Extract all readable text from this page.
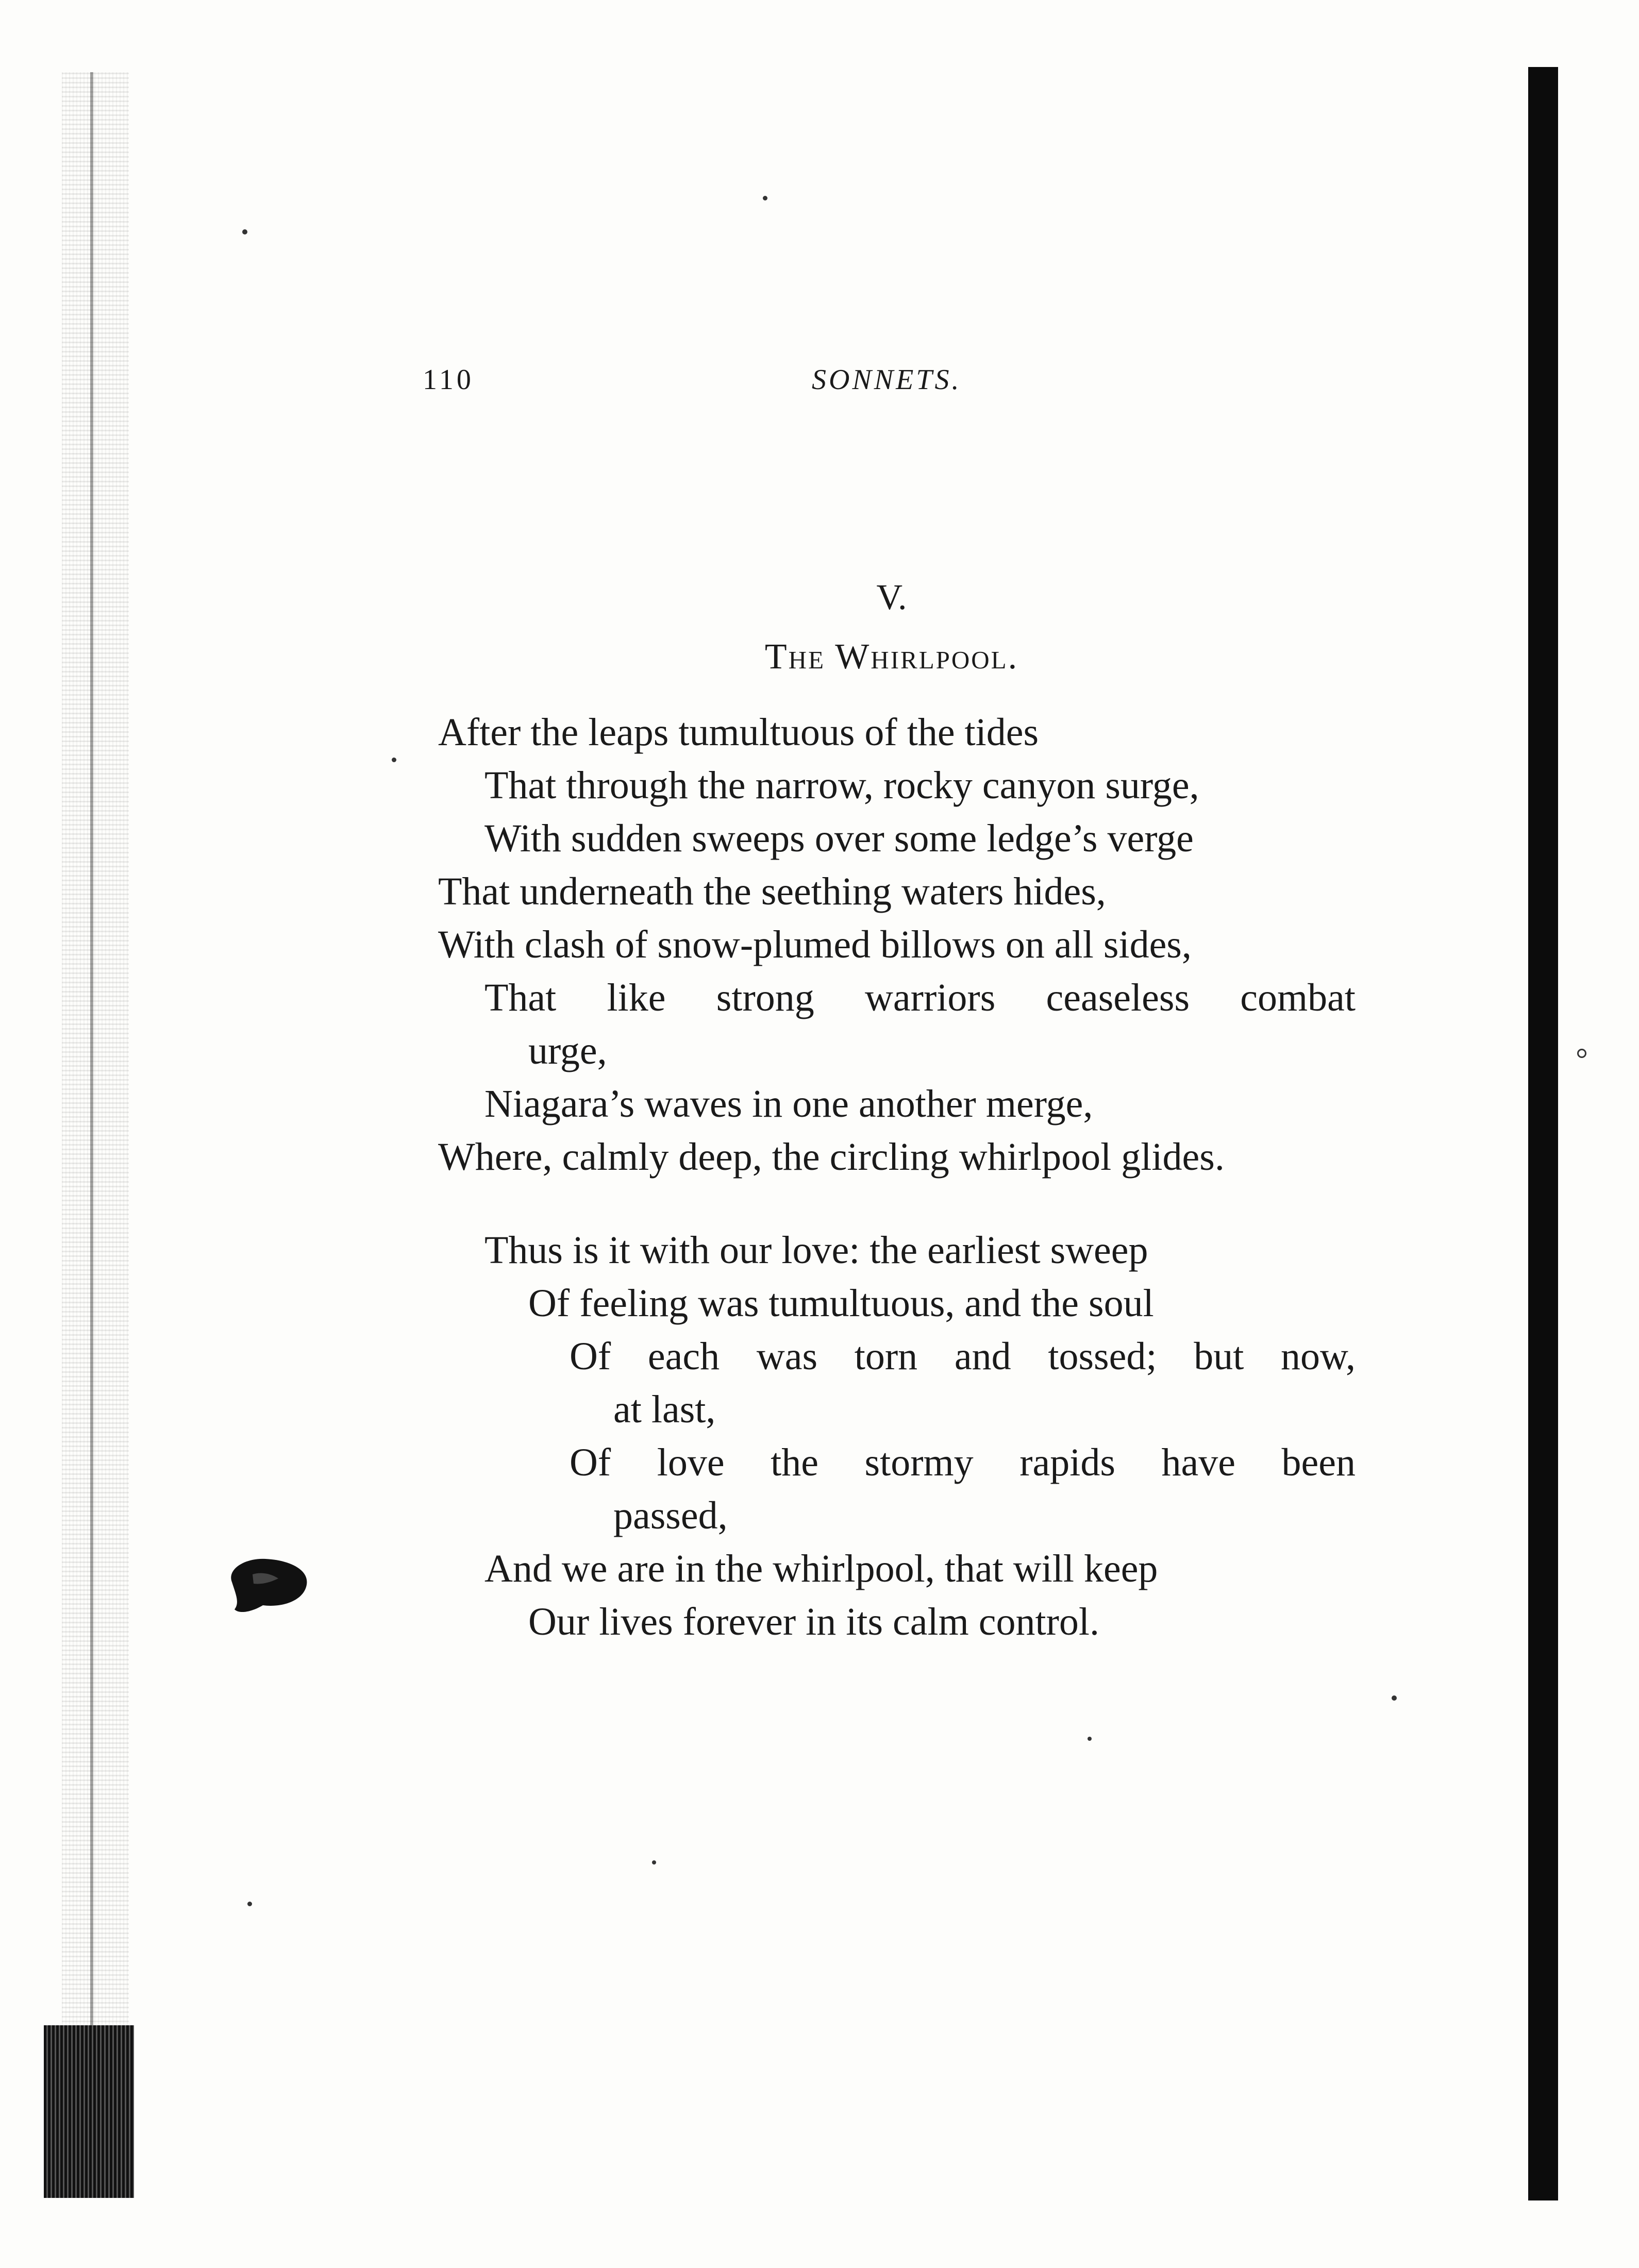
110	SONNETS.
V.
The Whirlpool.
After the leaps tumultuous of the tides
That through the narrow, rocky canyon surge,
With sudden sweeps over some ledge’s verge
That underneath the seething waters hides,
With clash of snow-plumed billows on all sides,
That like strong warriors ceaseless combat
urge,
Niagara’s waves in one another merge,
Where, calmly deep, the circling whirlpool glides.
Thus is it with our love: the earliest sweep
Of feeling was tumultuous, and the soul
Of each was torn and tossed; but now,
at last,
Of love the stormy rapids have been
passed,
And we are in the whirlpool, that will keep
Our lives forever in its calm control.
